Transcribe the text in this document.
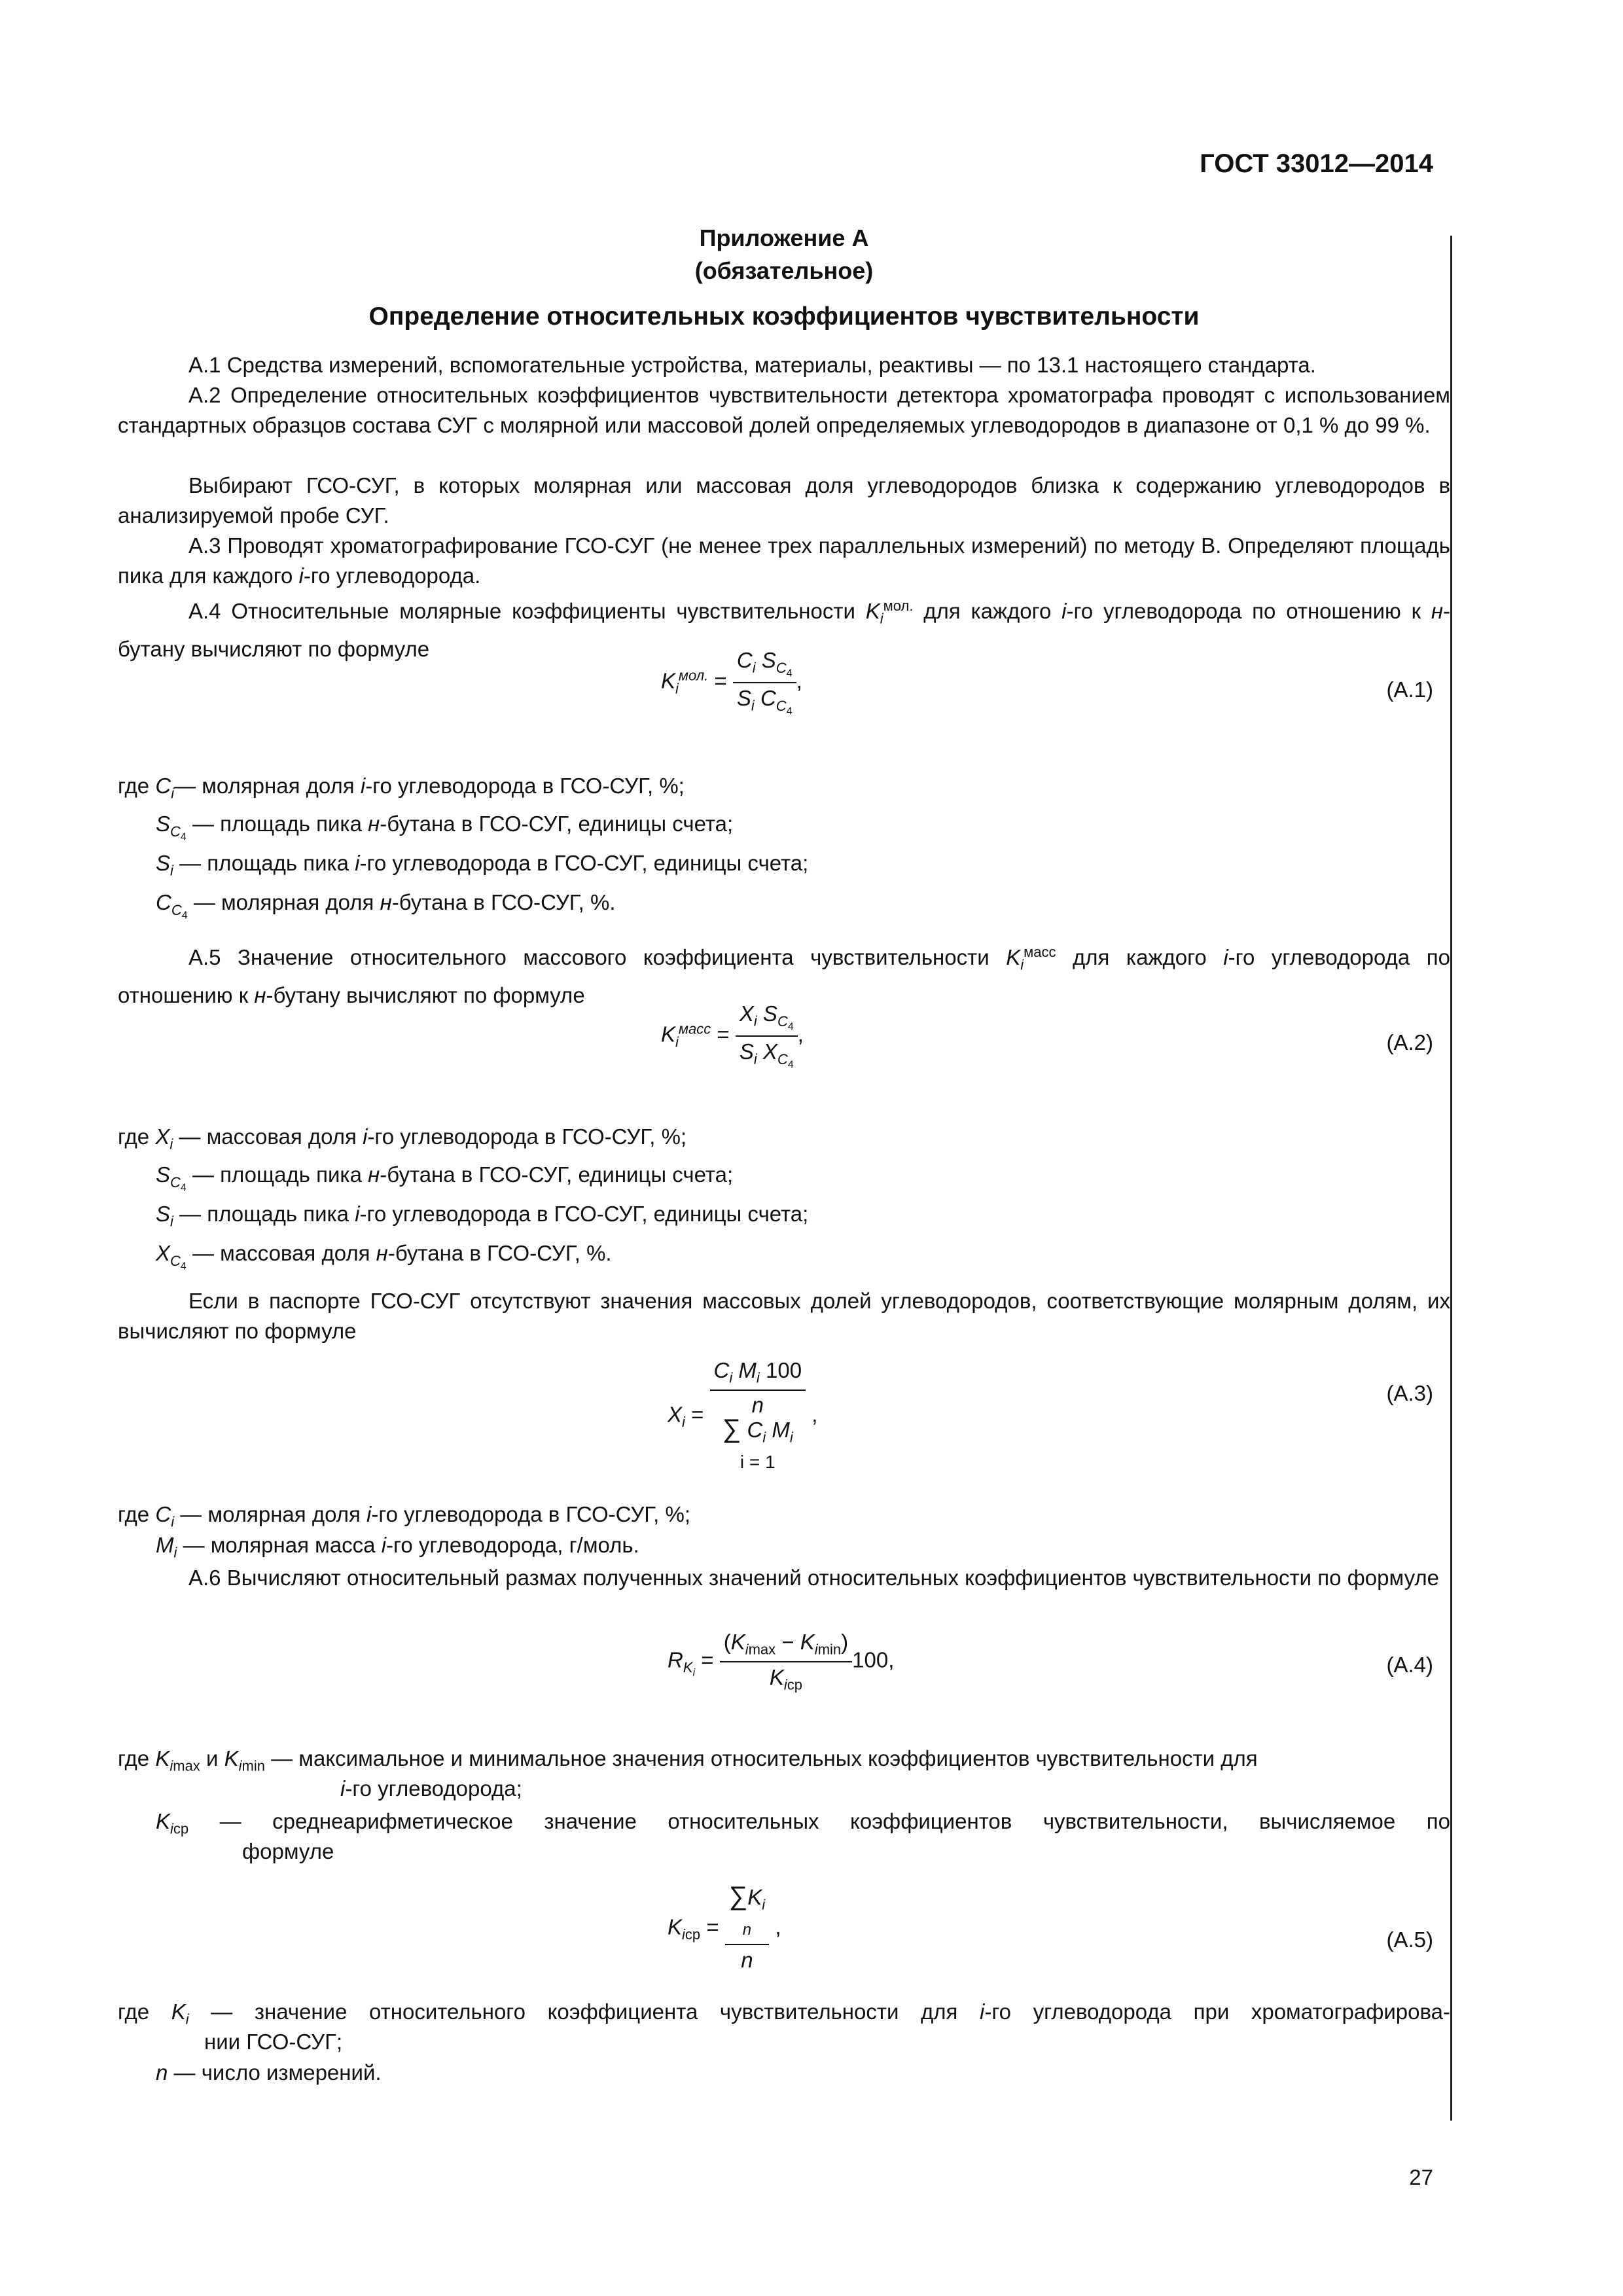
ГОСТ 33012—2014
Приложение А
(обязательное)
Определение относительных коэффициентов чувствительности
А.1 Средства измерений, вспомогательные устройства, материалы, реактивы — по 13.1 настоящего стандарта.
А.2 Определение относительных коэффициентов чувствительности детектора хроматографа проводят с использованием стандартных образцов состава СУГ с молярной или массовой долей определяемых углеводородов в диапазоне от 0,1 % до 99 %.
Выбирают ГСО-СУГ, в которых молярная или массовая доля углеводородов близка к содержанию углеводородов в анализируемой пробе СУГ.
А.3 Проводят хроматографирование ГСО-СУГ (не менее трех параллельных измерений) по методу В. Определяют площадь пика для каждого i-го углеводорода.
А.4 Относительные молярные коэффициенты чувствительности $K_i^{мол.}$ для каждого i-го углеводорода по отношению к н-бутану вычисляют по формуле
$K_i^{мол.} = \frac{C_i S_{C_4}}{S_i C_{C_4}}$ ,	(А.1)
где $C_i—$ молярная доля i-го углеводорода в ГСО-СУГ, %;
$S_{C_4}$ — площадь пика н-бутана в ГСО-СУГ, единицы счета;
$S_i$ — площадь пика i-го углеводорода в ГСО-СУГ, единицы счета;
$C_{C_4}$ — молярная доля н-бутана в ГСО-СУГ, %.
А.5 Значение относительного массового коэффициента чувствительности $K_i^{масс}$ для каждого i-го углеводорода по отношению к н-бутану вычисляют по формуле
$K_i^{масс} = \frac{X_i S_{C_4}}{S_i X_{C_4}}$ ,	(А.2)
где $X_i$ — массовая доля i-го углеводорода в ГСО-СУГ, %;
$S_{C_4}$ — площадь пика н-бутана в ГСО-СУГ, единицы счета;
$S_i$ — площадь пика i-го углеводорода в ГСО-СУГ, единицы счета;
$X_{C_4}$ — массовая доля н-бутана в ГСО-СУГ, %.
Если в паспорте ГСО-СУГ отсутствуют значения массовых долей углеводородов, соответствующие молярным долям, их вычисляют по формуле
$X_i$ =
$C_i$ $M_i$ 100
n
∑ $C_i$ $M_i$
i = 1
,
(А.3)
где $C_i$ — молярная доля i-го углеводорода в ГСО-СУГ, %;
$M_i$ — молярная масса i-го углеводорода, г/моль.
А.6 Вычисляют относительный размах полученных значений относительных коэффициентов чувствительности по формуле
$R_{K_i} = \frac{(K_{imax} - K_{imin})}{K_{iср}} 100$,	(А.4)
где $K_{imax}$ и $K_{imin}$ — максимальное и минимальное значения относительных коэффициентов чувствительности для
i-го углеводорода;
$K_{iср}$ — среднеарифметическое значение относительных коэффициентов чувствительности, вычисляемое по
формуле
$K_{iср}$ =
$\sum K_i$
n
n
,
(А.5)
где $K_i$ — значение относительного коэффициента чувствительности для i-го углеводорода при хроматографирова-
нии ГСО-СУГ;
n — число измерений.
27
